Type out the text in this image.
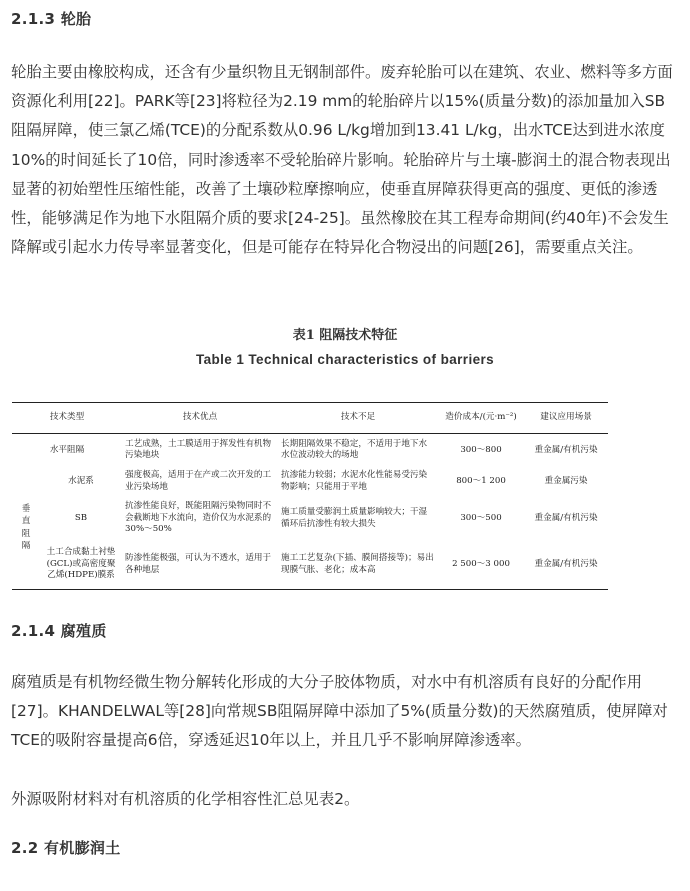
2.1.3 轮胎

轮胎主要由橡胶构成，还含有少量织物且无钢制部件。废弃轮胎可以在建筑、农业、燃料等多方面资源化利用[22]。PARK等[23]将粒径为2.19 mm的轮胎碎片以15%(质量分数)的添加量加入SB阻隔屏障，使三氯乙烯(TCE)的分配系数从0.96 L/kg增加到13.41 L/kg，出水TCE达到进水浓度10%的时间延长了10倍，同时渗透率不受轮胎碎片影响。轮胎碎片与土壤-膨润土的混合物表现出显著的初始塑性压缩性能，改善了土壤砂粒摩擦响应，使垂直屏障获得更高的强度、更低的渗透性，能够满足作为地下水阻隔介质的要求[24-25]。虽然橡胶在其工程寿命期间(约40年)不会发生降解或引起水力传导率显著变化，但是可能存在特异化合物浸出的问题[26]，需要重点关注。

表1 阻隔技术特征
Table 1 Technical characteristics of barriers
技术类型		技术优点	技术不足	造价成本/(元·m⁻²)	建议应用场景
水平阻隔		工艺成熟，土工膜适用于挥发性有机物污染地块	长期阻隔效果不稳定，不适用于地下水水位波动较大的场地	300～800	重金属/有机污染
垂直阻隔	水泥系	强度极高，适用于在产或二次开发的工业污染场地	抗渗能力较弱；水泥水化性能易受污染物影响；只能用于平地	800～1 200	重金属污染
	SB	抗渗性能良好，既能阻隔污染物同时不会截断地下水流向，造价仅为水泥系的30%～50%	施工质量受膨润土质量影响较大；干湿循环后抗渗性有较大损失	300～500	重金属/有机污染
	土工合成黏土衬垫(GCL)或高密度聚乙烯(HDPE)膜系	防渗性能极强，可认为不透水，适用于各种地层	施工工艺复杂(下插、膜间搭接等)；易出现膜气胀、老化；成本高	2 500～3 000	重金属/有机污染

2.1.4 腐殖质

腐殖质是有机物经微生物分解转化形成的大分子胶体物质，对水中有机溶质有良好的分配作用[27]。KHANDELWAL等[28]向常规SB阻隔屏障中添加了5%(质量分数)的天然腐殖质，使屏障对TCE的吸附容量提高6倍，穿透延迟10年以上，并且几乎不影响屏障渗透率。

外源吸附材料对有机溶质的化学相容性汇总见表2。

2.2 有机膨润土
